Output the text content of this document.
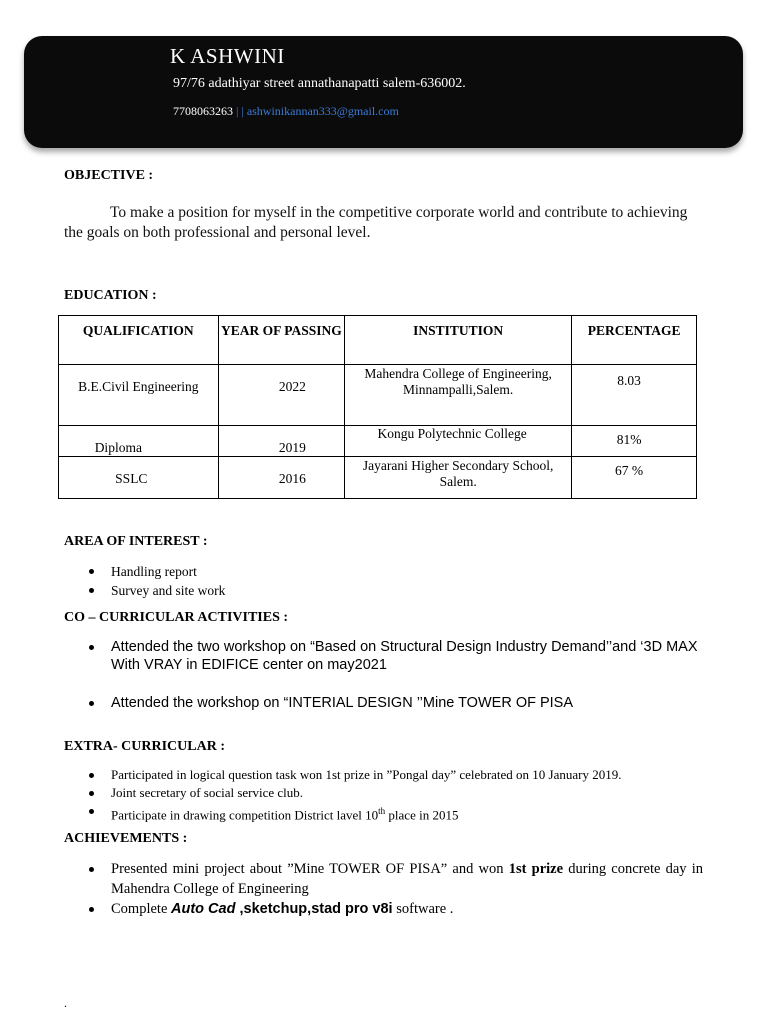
K ASHWINI
97/76 adathiyar street annathanapatti salem-636002.
7708063263 | | ashwinikannan333@gmail.com
OBJECTIVE :
To make a position for myself in the competitive corporate world and contribute to achieving the goals on both professional and personal level.
EDUCATION :
QUALIFICATION	YEAR OF PASSING	INSTITUTION	PERCENTAGE
B.E.Civil Engineering	2022	Mahendra College of Engineering, Minnampalli,Salem.	8.03
Diploma	2019	Kongu Polytechnic College	81%
SSLC	2016	Jayarani Higher Secondary School, Salem.	67 %
AREA OF INTEREST :
Handling report
Survey and site work
CO – CURRICULAR ACTIVITIES :
Attended the two workshop on “Based on Structural Design Industry Demand’’and ‘3D MAX With VRAY in EDIFICE center on may2021
Attended the workshop on “INTERIAL DESIGN ’’Mine TOWER OF PISA
EXTRA- CURRICULAR :
Participated in logical question task won 1st prize in ”Pongal day” celebrated on 10 January 2019.
Joint secretary of social service club.
Participate in drawing competition District lavel 10th place in 2015
ACHIEVEMENTS :
Presented mini project about ”Mine TOWER OF PISA” and won 1st prize during concrete day in Mahendra College of Engineering
Complete Auto Cad ,sketchup,stad pro v8i software .
.
